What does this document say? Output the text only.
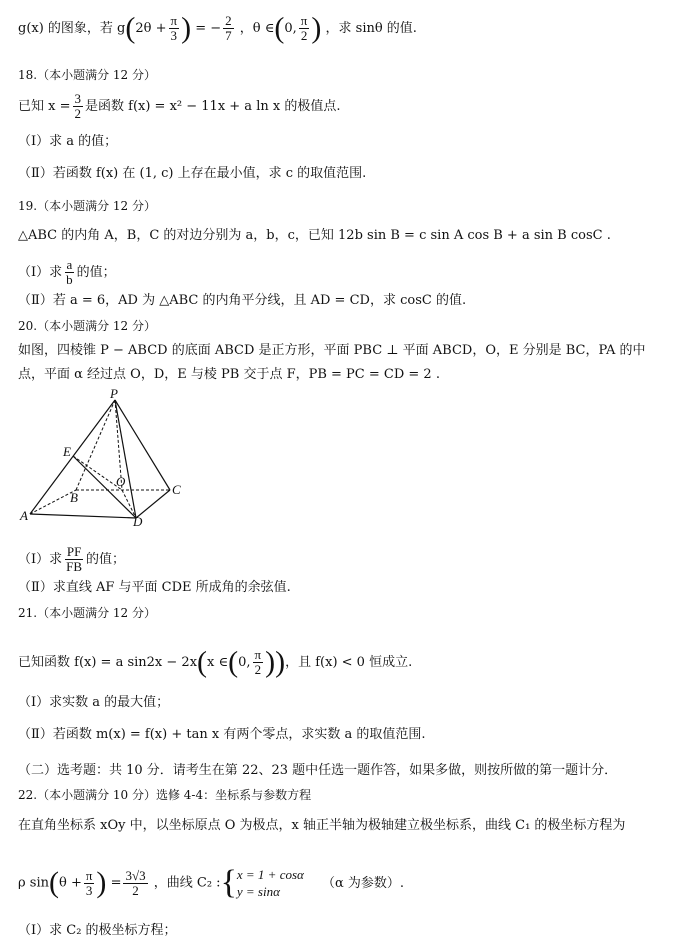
g(x) 的图象，若 $g(2\theta + \frac{\pi}{3}$ ) = − $\frac{2}{7}$ ，θ ∈(0, $\frac{\pi}{2}$ ) ，求 sinθ 的值.
18.（本小题满分 12 分）
已知 $x = \frac{3}{2}$ 是函数 f(x) = x² − 11x + a ln x 的极值点.
（Ⅰ）求 a 的值；
（Ⅱ）若函数 f(x) 在 (1, c) 上存在最小值，求 c 的取值范围.
19.（本小题满分 12 分）
△ABC 的内角 A，B，C 的对边分别为 a，b，c，已知 12b sin B = c sin A cos B + a sin B cosC .
（Ⅰ）求 $\frac{a}{b}$ 的值；
（Ⅱ）若 a = 6，AD 为 △ABC 的内角平分线，且 AD = CD，求 cosC 的值.
20.（本小题满分 12 分）
如图，四棱锥 P − ABCD 的底面 ABCD 是正方形，平面 PBC ⊥ 平面 ABCD，O，E 分别是 BC，PA 的中
点，平面 α 经过点 O，D，E 与棱 PB 交于点 F，PB = PC = CD = 2 .
P
E
O
B
C
A	D
（Ⅰ）求 $\frac{PF}{FB}$ 的值；
（Ⅱ）求直线 AF 与平面 CDE 所成角的余弦值.
21.（本小题满分 12 分）
已知函数 f(x) = a sin2x − 2x(x ∈(0, $\frac{\pi}{2}$ ))，且 f(x) < 0 恒成立.
（Ⅰ）求实数 a 的最大值；
（Ⅱ）若函数 m(x) = f(x) + tan x 有两个零点，求实数 a 的取值范围.
（二）选考题：共 10 分．请考生在第 22、23 题中任选一题作答，如果多做，则按所做的第一题计分．
22.（本小题满分 10 分）选修 4-4：坐标系与参数方程
在直角坐标系 xOy 中，以坐标原点 O 为极点，x 轴正半轴为极轴建立极坐标系，曲线 C₁ 的极坐标方程为
ρ $\sin(\theta + \frac{\pi}{3}$ ) = $\frac{3√3}{2}$ ，曲线 C₂ :{ x = 1 + cosα
y = sinα
（α 为参数）.
（Ⅰ）求 C₂ 的极坐标方程；
